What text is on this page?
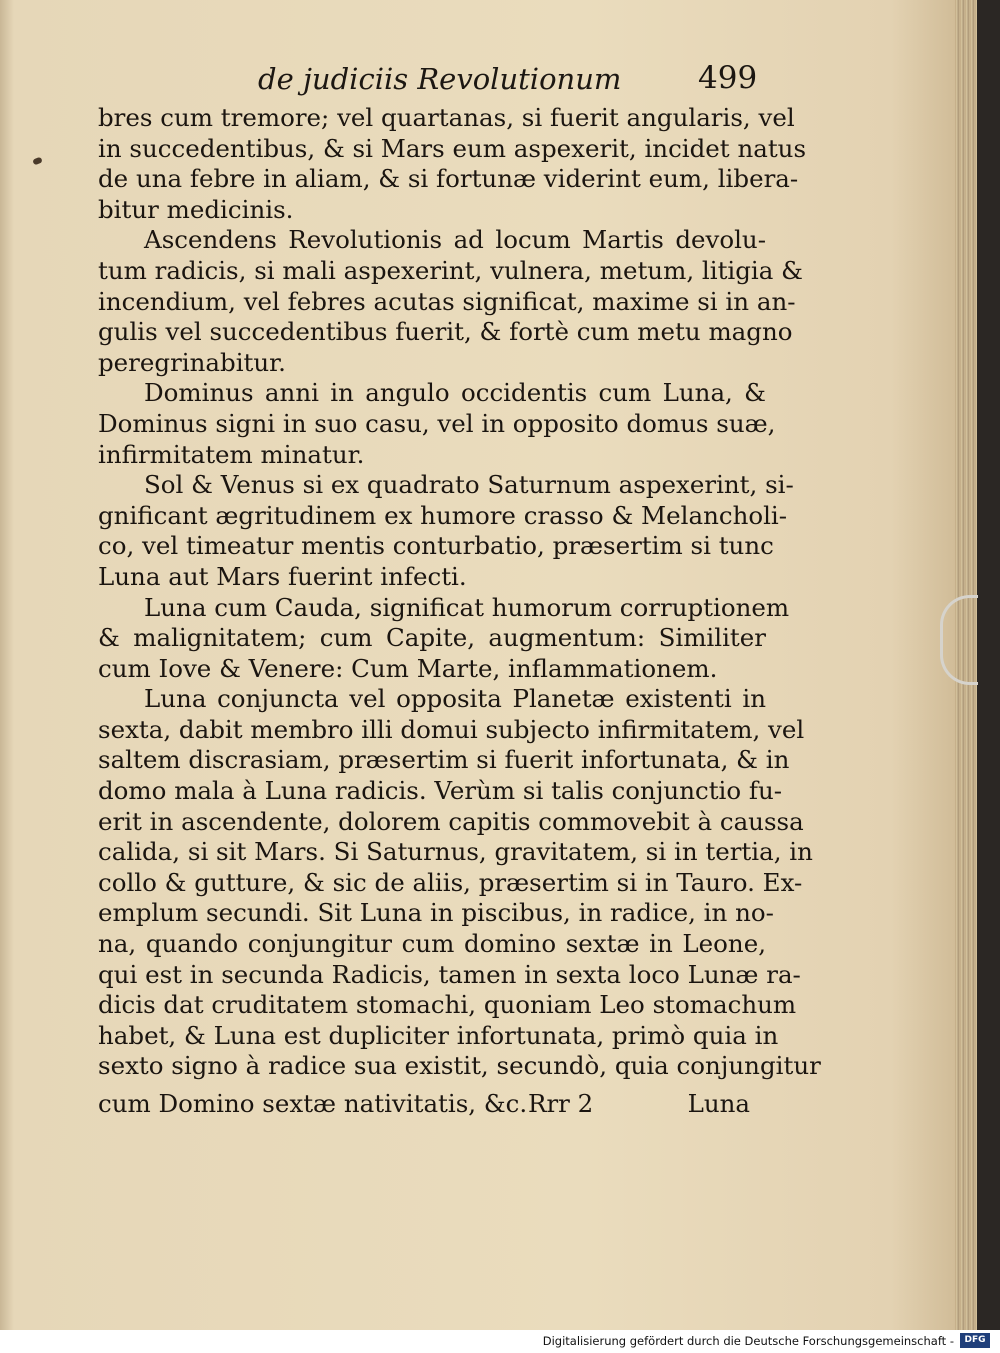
de judiciis Revolutionum 499
bres cum tremore; vel quartanas, si fuerit angularis, vel
in succedentibus, & si Mars eum aspexerit, incidet natus
de una febre in aliam, & si fortunæ viderint eum, libera-
bitur medicinis.
Ascendens Revolutionis ad locum Martis devolu-
tum radicis, si mali aspexerint, vulnera, metum, litigia &
incendium, vel febres acutas significat, maxime si in an-
gulis vel succedentibus fuerit, & fortè cum metu magno
peregrinabitur.
Dominus anni in angulo occidentis cum Luna, &
Dominus signi in suo casu, vel in opposito domus suæ,
infirmitatem minatur.
Sol & Venus si ex quadrato Saturnum aspexerint, si-
gnificant ægritudinem ex humore crasso & Melancholi-
co, vel timeatur mentis conturbatio, præsertim si tunc
Luna aut Mars fuerint infecti.
Luna cum Cauda, significat humorum corruptionem
& malignitatem; cum Capite, augmentum: Similiter
cum Iove & Venere: Cum Marte, inflammationem.
Luna conjuncta vel opposita Planetæ existenti in
sexta, dabit membro illi domui subjecto infirmitatem, vel
saltem discrasiam, præsertim si fuerit infortunata, & in
domo mala à Luna radicis. Verùm si talis conjunctio fu-
erit in ascendente, dolorem capitis commovebit à caussa
calida, si sit Mars. Si Saturnus, gravitatem, si in tertia, in
collo & gutture, & sic de aliis, præsertim si in Tauro. Ex-
emplum secundi. Sit Luna in piscibus, in radice, in no-
na, quando conjungitur cum domino sextæ in Leone,
qui est in secunda Radicis, tamen in sexta loco Lunæ ra-
dicis dat cruditatem stomachi, quoniam Leo stomachum
habet, & Luna est dupliciter infortunata, primò quia in
sexto signo à radice sua existit, secundò, quia conjungitur
cum Domino sextæ nativitatis, &c. Rrr 2	Luna
Digitalisierung gefördert durch die Deutsche Forschungsgemeinschaft -	DFG
